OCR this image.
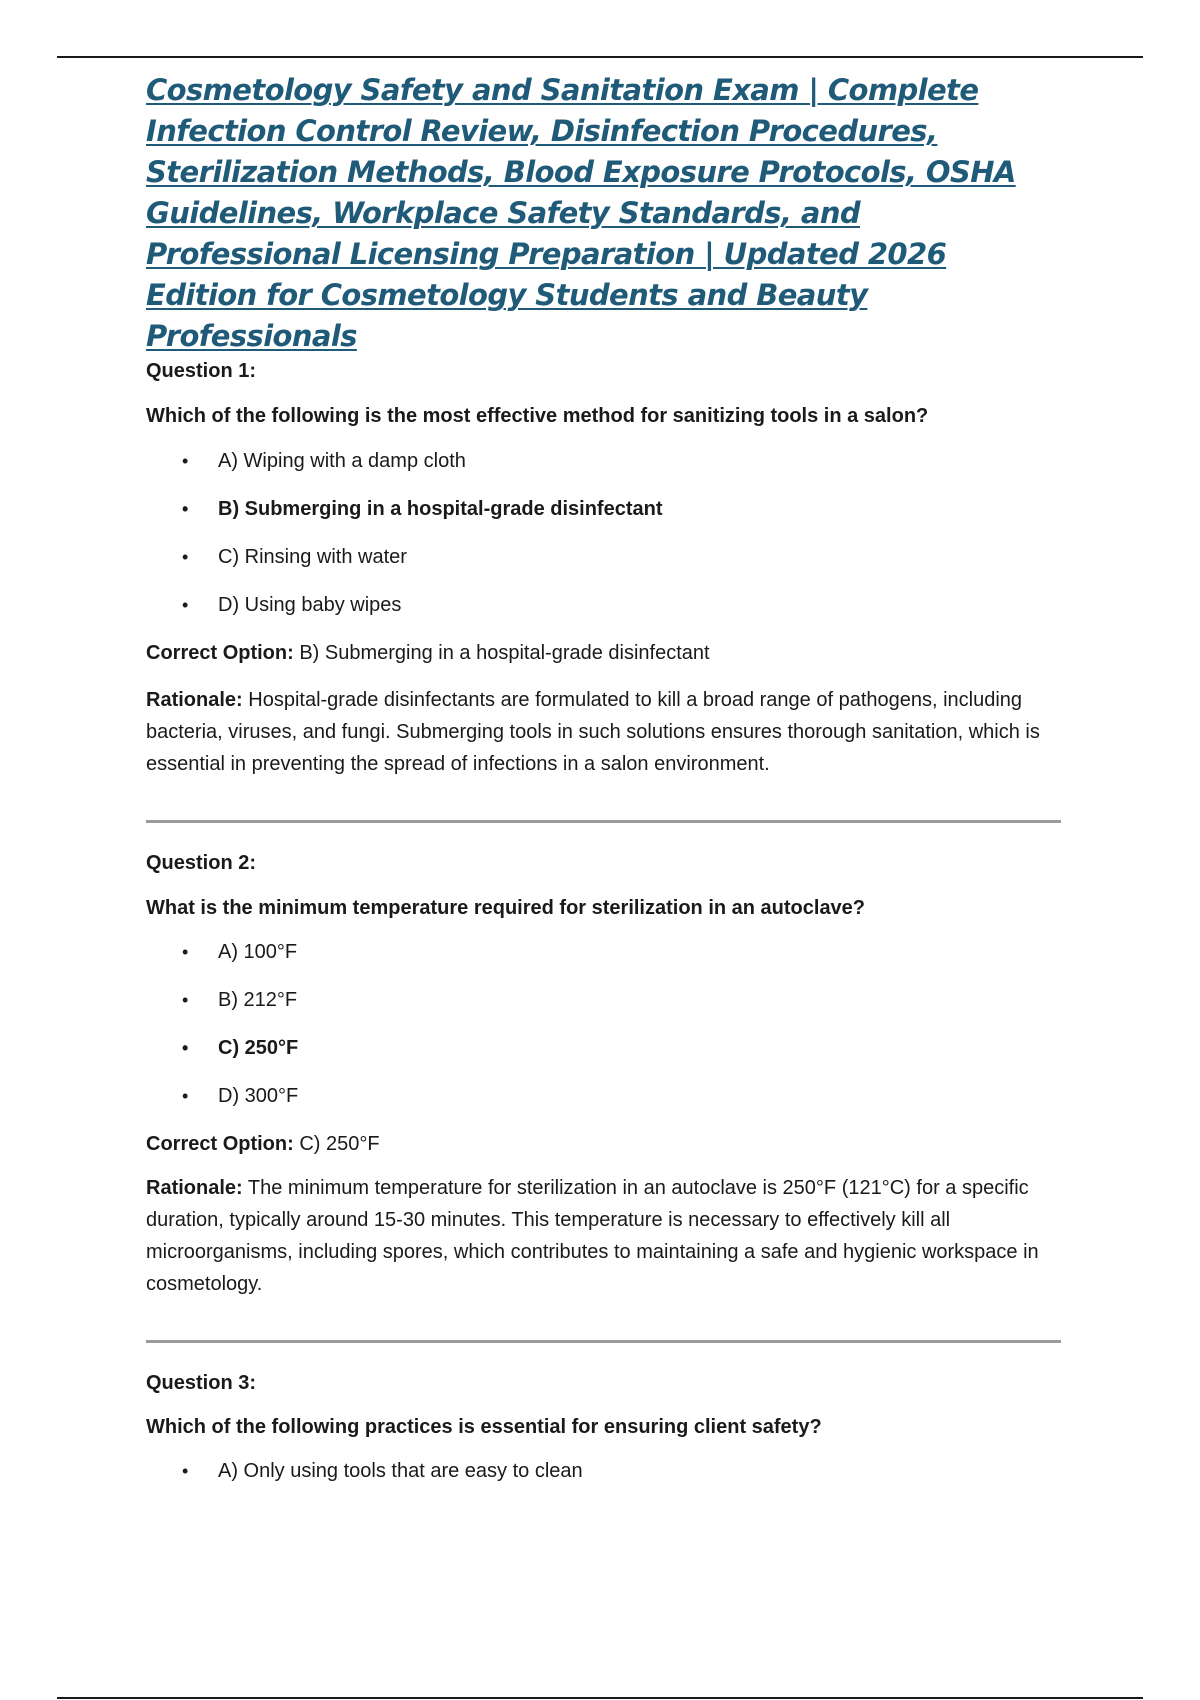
Cosmetology Safety and Sanitation Exam | Complete Infection Control Review, Disinfection Procedures, Sterilization Methods, Blood Exposure Protocols, OSHA Guidelines, Workplace Safety Standards, and Professional Licensing Preparation | Updated 2026 Edition for Cosmetology Students and Beauty Professionals

Question 1:

Which of the following is the most effective method for sanitizing tools in a salon?

• A) Wiping with a damp cloth
• B) Submerging in a hospital-grade disinfectant
• C) Rinsing with water
• D) Using baby wipes

Correct Option: B) Submerging in a hospital-grade disinfectant

Rationale: Hospital-grade disinfectants are formulated to kill a broad range of pathogens, including bacteria, viruses, and fungi. Submerging tools in such solutions ensures thorough sanitation, which is essential in preventing the spread of infections in a salon environment.

Question 2:

What is the minimum temperature required for sterilization in an autoclave?

• A) 100°F
• B) 212°F
• C) 250°F
• D) 300°F

Correct Option: C) 250°F

Rationale: The minimum temperature for sterilization in an autoclave is 250°F (121°C) for a specific duration, typically around 15-30 minutes. This temperature is necessary to effectively kill all microorganisms, including spores, which contributes to maintaining a safe and hygienic workspace in cosmetology.

Question 3:

Which of the following practices is essential for ensuring client safety?

• A) Only using tools that are easy to clean
